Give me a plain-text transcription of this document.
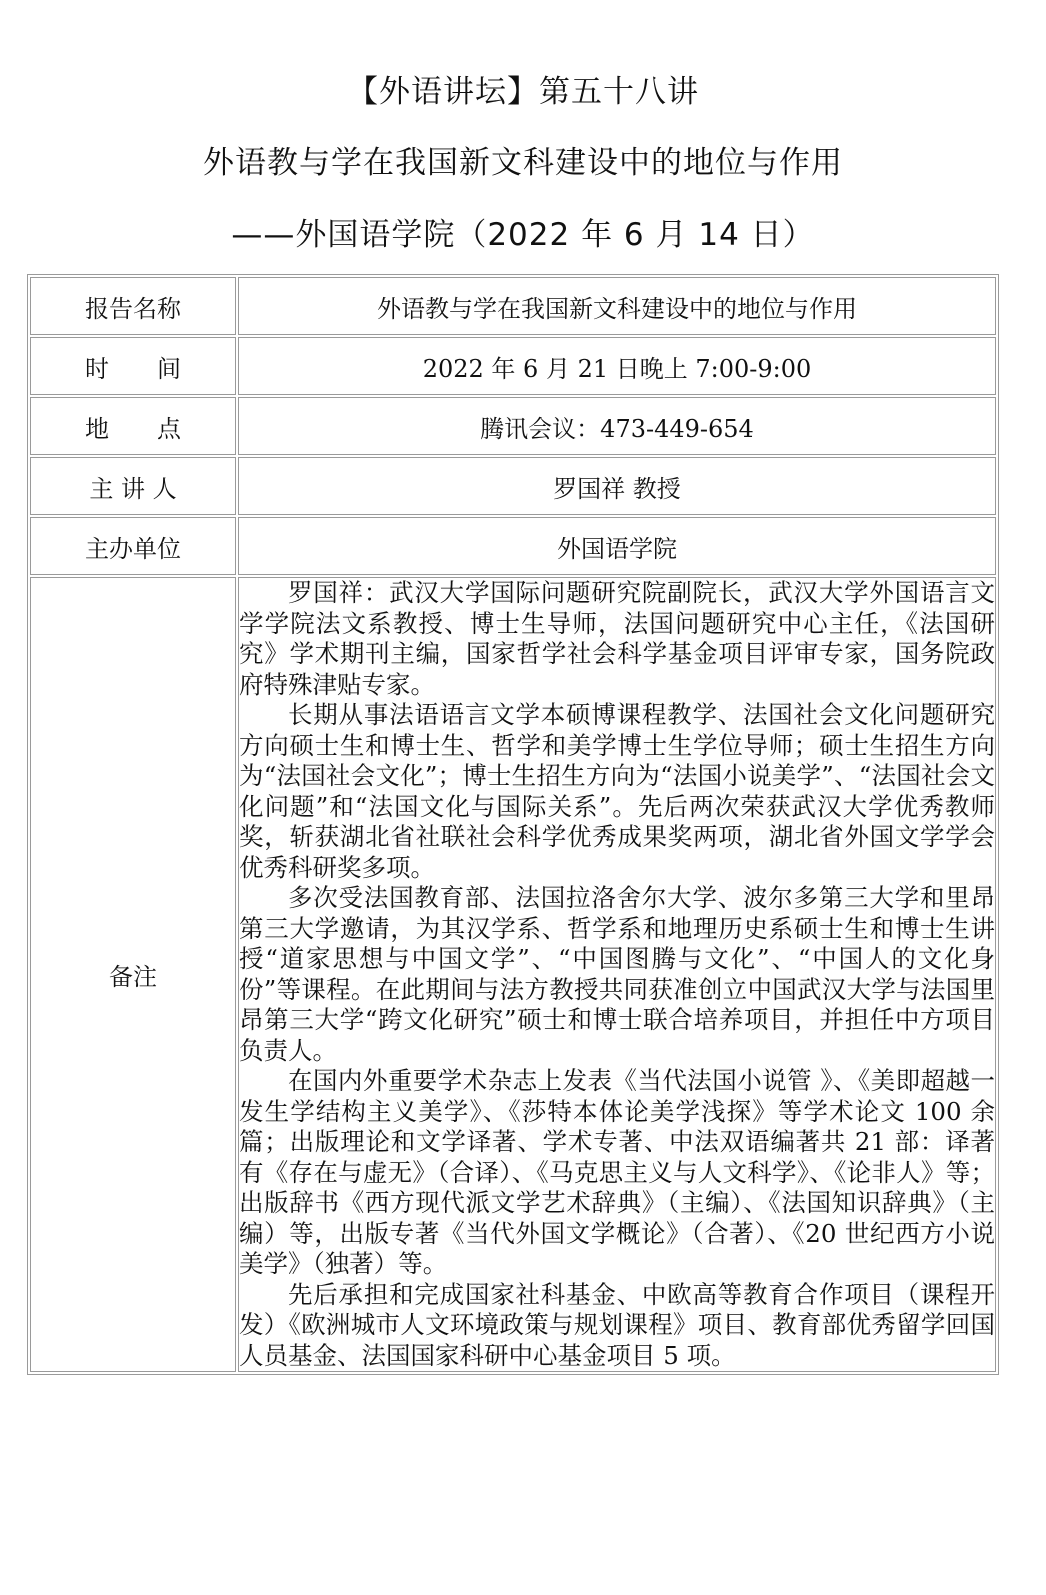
【外语讲坛】第五十八讲
外语教与学在我国新文科建设中的地位与作用
——外国语学院（2022 年 6 月 14 日）
报告名称	外语教与学在我国新文科建设中的地位与作用
时　　间	2022 年 6 月 21 日晚上 7:00-9:00
地　　点	腾讯会议：473-449-654
主 讲 人	罗国祥 教授
主办单位	外国语学院
备注	罗国祥：武汉大学国际问题研究院副院长，武汉大学外国语言文学学院法文系教授、博士生导师，法国问题研究中心主任，《法国研究》学术期刊主编，国家哲学社会科学基金项目评审专家，国务院政府特殊津贴专家。

长期从事法语语言文学本硕博课程教学、法国社会文化问题研究方向硕士生和博士生、哲学和美学博士生学位导师；硕士生招生方向为“法国社会文化”；博士生招生方向为“法国小说美学”、“法国社会文化问题”和“法国文化与国际关系”。先后两次荣获武汉大学优秀教师奖，斩获湖北省社联社会科学优秀成果奖两项，湖北省外国文学学会优秀科研奖多项。

多次受法国教育部、法国拉洛舍尔大学、波尔多第三大学和里昂第三大学邀请，为其汉学系、哲学系和地理历史系硕士生和博士生讲授“道家思想与中国文学”、“中国图腾与文化”、“中国人的文化身份”等课程。在此期间与法方教授共同获准创立中国武汉大学与法国里昂第三大学“跨文化研究”硕士和博士联合培养项目，并担任中方项目负责人。

在国内外重要学术杂志上发表《当代法国小说管 》、《美即超越一发生学结构主义美学》、《莎特本体论美学浅探》等学术论文 100 余篇；出版理论和文学译著、学术专著、中法双语编著共 21 部：译著有《存在与虚无》（合译）、《马克思主义与人文科学》、《论非人》等；出版辞书《西方现代派文学艺术辞典》（主编）、《法国知识辞典》（主编）等，出版专著《当代外国文学概论》（合著）、《20 世纪西方小说美学》（独著）等。

先后承担和完成国家社科基金、中欧高等教育合作项目（课程开发）《欧洲城市人文环境政策与规划课程》项目、教育部优秀留学回国人员基金、法国国家科研中心基金项目 5 项。
